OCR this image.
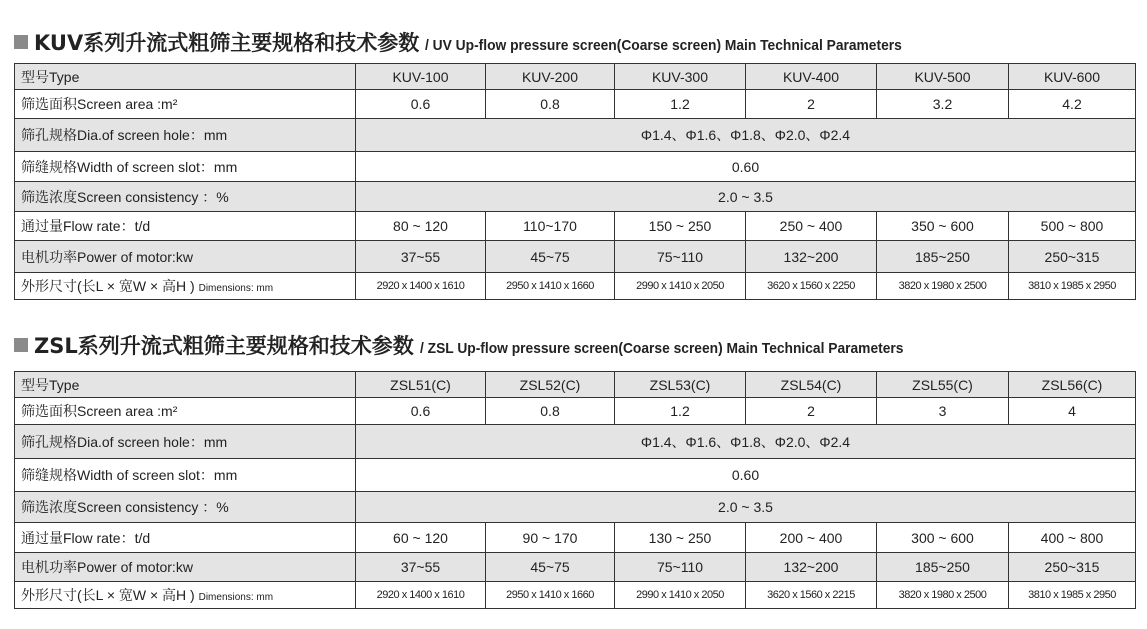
KUV系列升流式粗筛主要规格和技术参数 / UV Up-flow pressure screen(Coarse screen) Main Technical Parameters
型号Type	KUV-100	KUV-200	KUV-300	KUV-400	KUV-500	KUV-600
筛选面积Screen area :m²	0.6	0.8	1.2	2	3.2	4.2
筛孔规格Dia.of screen hole：mm	Φ1.4、Φ1.6、Φ1.8、Φ2.0、Φ2.4					
筛缝规格Width of screen slot：mm	0.60					
筛选浓度Screen consistency ：%	2.0 ~ 3.5					
通过量Flow rate：t/d	80 ~ 120	110~170	150 ~ 250	250 ~ 400	350 ~ 600	500 ~ 800
电机功率Power of motor:kw	37~55	45~75	75~110	132~200	185~250	250~315
外形尺寸(长L × 宽W × 高H ) Dimensions: mm	2920 x 1400 x 1610	2950 x 1410 x 1660	2990 x 1410 x 2050	3620 x 1560 x 2250	3820 x 1980 x 2500	3810 x 1985 x 2950
ZSL系列升流式粗筛主要规格和技术参数 / ZSL Up-flow pressure screen(Coarse screen) Main Technical Parameters
型号Type	ZSL51(C)	ZSL52(C)	ZSL53(C)	ZSL54(C)	ZSL55(C)	ZSL56(C)
筛选面积Screen area :m²	0.6	0.8	1.2	2	3	4
筛孔规格Dia.of screen hole：mm	Φ1.4、Φ1.6、Φ1.8、Φ2.0、Φ2.4					
筛缝规格Width of screen slot：mm	0.60					
筛选浓度Screen consistency ：%	2.0 ~ 3.5					
通过量Flow rate：t/d	60 ~ 120	90 ~ 170	130 ~ 250	200 ~ 400	300 ~ 600	400 ~ 800
电机功率Power of motor:kw	37~55	45~75	75~110	132~200	185~250	250~315
外形尺寸(长L × 宽W × 高H ) Dimensions: mm	2920 x 1400 x 1610	2950 x 1410 x 1660	2990 x 1410 x 2050	3620 x 1560 x 2215	3820 x 1980 x 2500	3810 x 1985 x 2950
